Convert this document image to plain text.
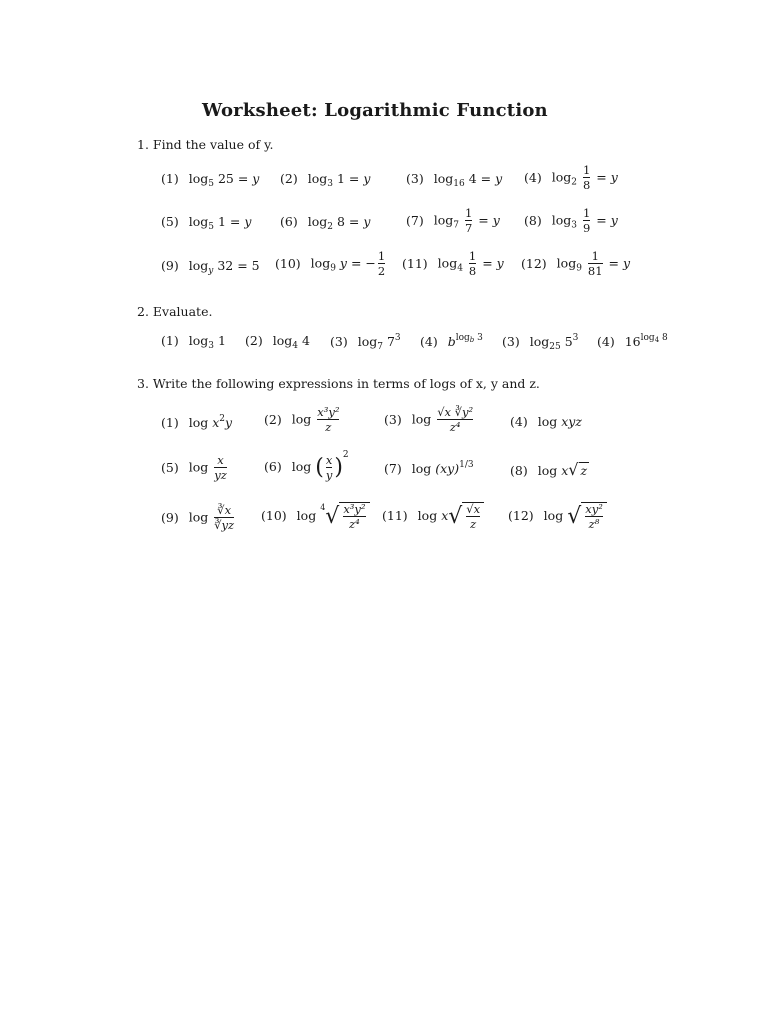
Worksheet: Logarithmic Function
1. Find the value of y.
(1) $\log_5 25 = y$ (2) $\log_3 1 = y$	(3) $\log_{16} 4 = y$ (4) $\log_2 \frac{1}{8} = y$
(5) $\log_5 1 = y$ (6) $\log_2 8 = y$	(7) $\log_7 \frac{1}{7} = y$ (8) $\log_3 \frac{1}{9} = y$
(9) $\log_y 32 = 5$ (10) $\log_9 y$ = − $\frac{1}{2} (11)$ $\log_4 \frac{1}{8} = y$ (12) $\log_9 \frac{1}{81} = y$
2. Evaluate.
(1) $\log_3 1$ (2) $\log_4 4$ (3) $\log_7 7^3$ (4) $b^{log_b 3}$ (3) $\log_{25} 5^3$ (4) $16^{log_4 8}$
3. Write the following expressions in terms of logs of x, y and z.
(1) $\log x^2y$	(2) $\log \frac{\text{x³y²}}{z}$	(3) $\log \frac{\text{√x ∛y²}}{\text{z⁴}}$	(4) log xyz
(5) $\log \frac{x}{yz}$	(6) log ( $\frac{x}{y} )^2$
(7) log (xy)$^{1/3}$	(8) log x√ z
(9) $\log \frac{∛x}{∛yz} (10)$ $\log ^4√ \frac{\text{x³y²}}{\text{z⁴}} (11)$ $\log x√ \frac{√x}{z} (12)$ log √ $\frac{\text{xy²}}{\text{z⁸}}$
